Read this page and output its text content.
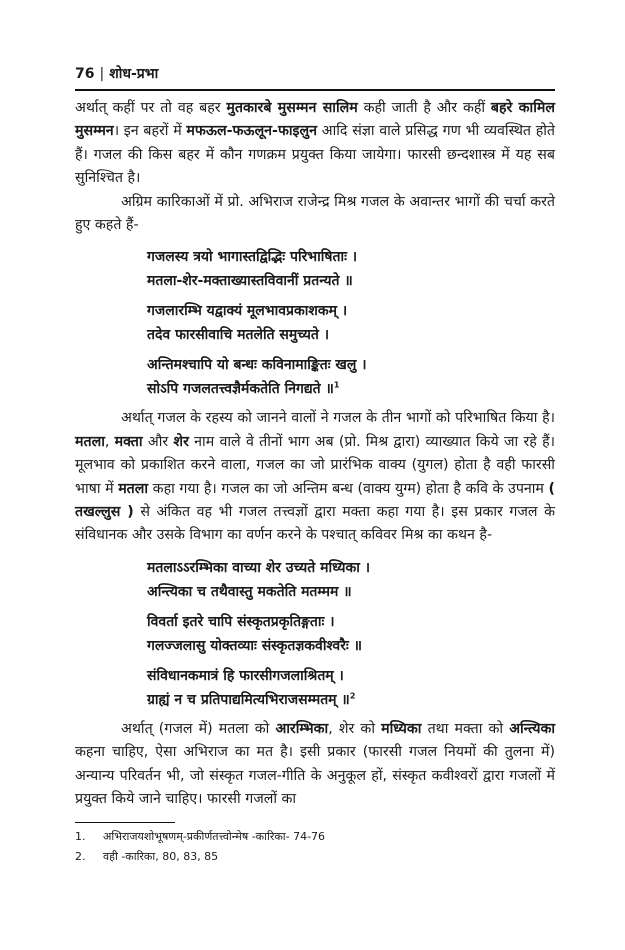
76 | शोध-प्रभा

अर्थात् कहीं पर तो वह बहर मुतकारबे मुसम्मन सालिम कही जाती है और कहीं बहरे कामिल मुसम्मन। इन बहरों में मफऊल-फऊलून-फाइलुन आदि संज्ञा वाले प्रसिद्ध गण भी व्यवस्थित होते हैं। गजल की किस बहर में कौन गणक्रम प्रयुक्त किया जायेगा। फारसी छन्दशास्त्र में यह सब सुनिश्चित है।

अग्रिम कारिकाओं में प्रो. अभिराज राजेन्द्र मिश्र गजल के अवान्तर भागों की चर्चा करते हुए कहते हैं-

गजलस्य त्रयो भागास्तद्विद्भिः परिभाषिताः ।
मतला-शेर-मक्ताख्यास्तविवानीं प्रतन्यते ॥
गजलारम्भि यद्वाक्यं मूलभावप्रकाशकम् ।
तदेव फारसीवाचि मतलेति समुच्यते ।
अन्तिमश्चापि यो बन्धः कविनामाङ्कितः खलु ।
सोऽपि गजलतत्त्वज्ञैर्मकतेति निगद्यते ॥$^1$

अर्थात् गजल के रहस्य को जानने वालों ने गजल के तीन भागों को परिभाषित किया है। मतला, मक्ता और शेर नाम वाले वे तीनों भाग अब (प्रो. मिश्र द्वारा) व्याख्यात किये जा रहे हैं। मूलभाव को प्रकाशित करने वाला, गजल का जो प्रारंभिक वाक्य (युगल) होता है वही फारसी भाषा में मतला कहा गया है। गजल का जो अन्तिम बन्ध (वाक्य युग्म) होता है कवि के उपनाम ( तखल्लुस ) से अंकित वह भी गजल तत्त्वज्ञों द्वारा मक्ता कहा गया है। इस प्रकार गजल के संविधानक और उसके विभाग का वर्णन करने के पश्चात् कविवर मिश्र का कथन है-

मतलाऽऽरम्भिका वाच्या शेर उच्यते मध्यिका ।
अन्त्यिका च तथैवास्तु मकतेति मतम्मम ॥
विवर्ता इतरे चापि संस्कृतप्रकृतिङ्गताः ।
गलज्जलासु योक्तव्याः संस्कृतज्ञकवीश्वरैः ॥
संविधानकमात्रं हि फारसीगजलाश्रितम् ।
ग्राह्यं न च प्रतिपाद्यमित्यभिराजसम्मतम् ॥$^2$

अर्थात् (गजल में) मतला को आरम्भिका, शेर को मध्यिका तथा मक्ता को अन्त्यिका कहना चाहिए, ऐसा अभिराज का मत है। इसी प्रकार (फारसी गजल नियमों की तुलना में) अन्यान्य परिवर्तन भी, जो संस्कृत गजल-गीति के अनुकूल हों, संस्कृत कवीश्वरों द्वारा गजलों में प्रयुक्त किये जाने चाहिए। फारसी गजलों का

1.	अभिराजयशोभूषणम्-प्रकीर्णतत्त्वोन्मेष -कारिका- 74-76
2.	वही -कारिका, 80, 83, 85
